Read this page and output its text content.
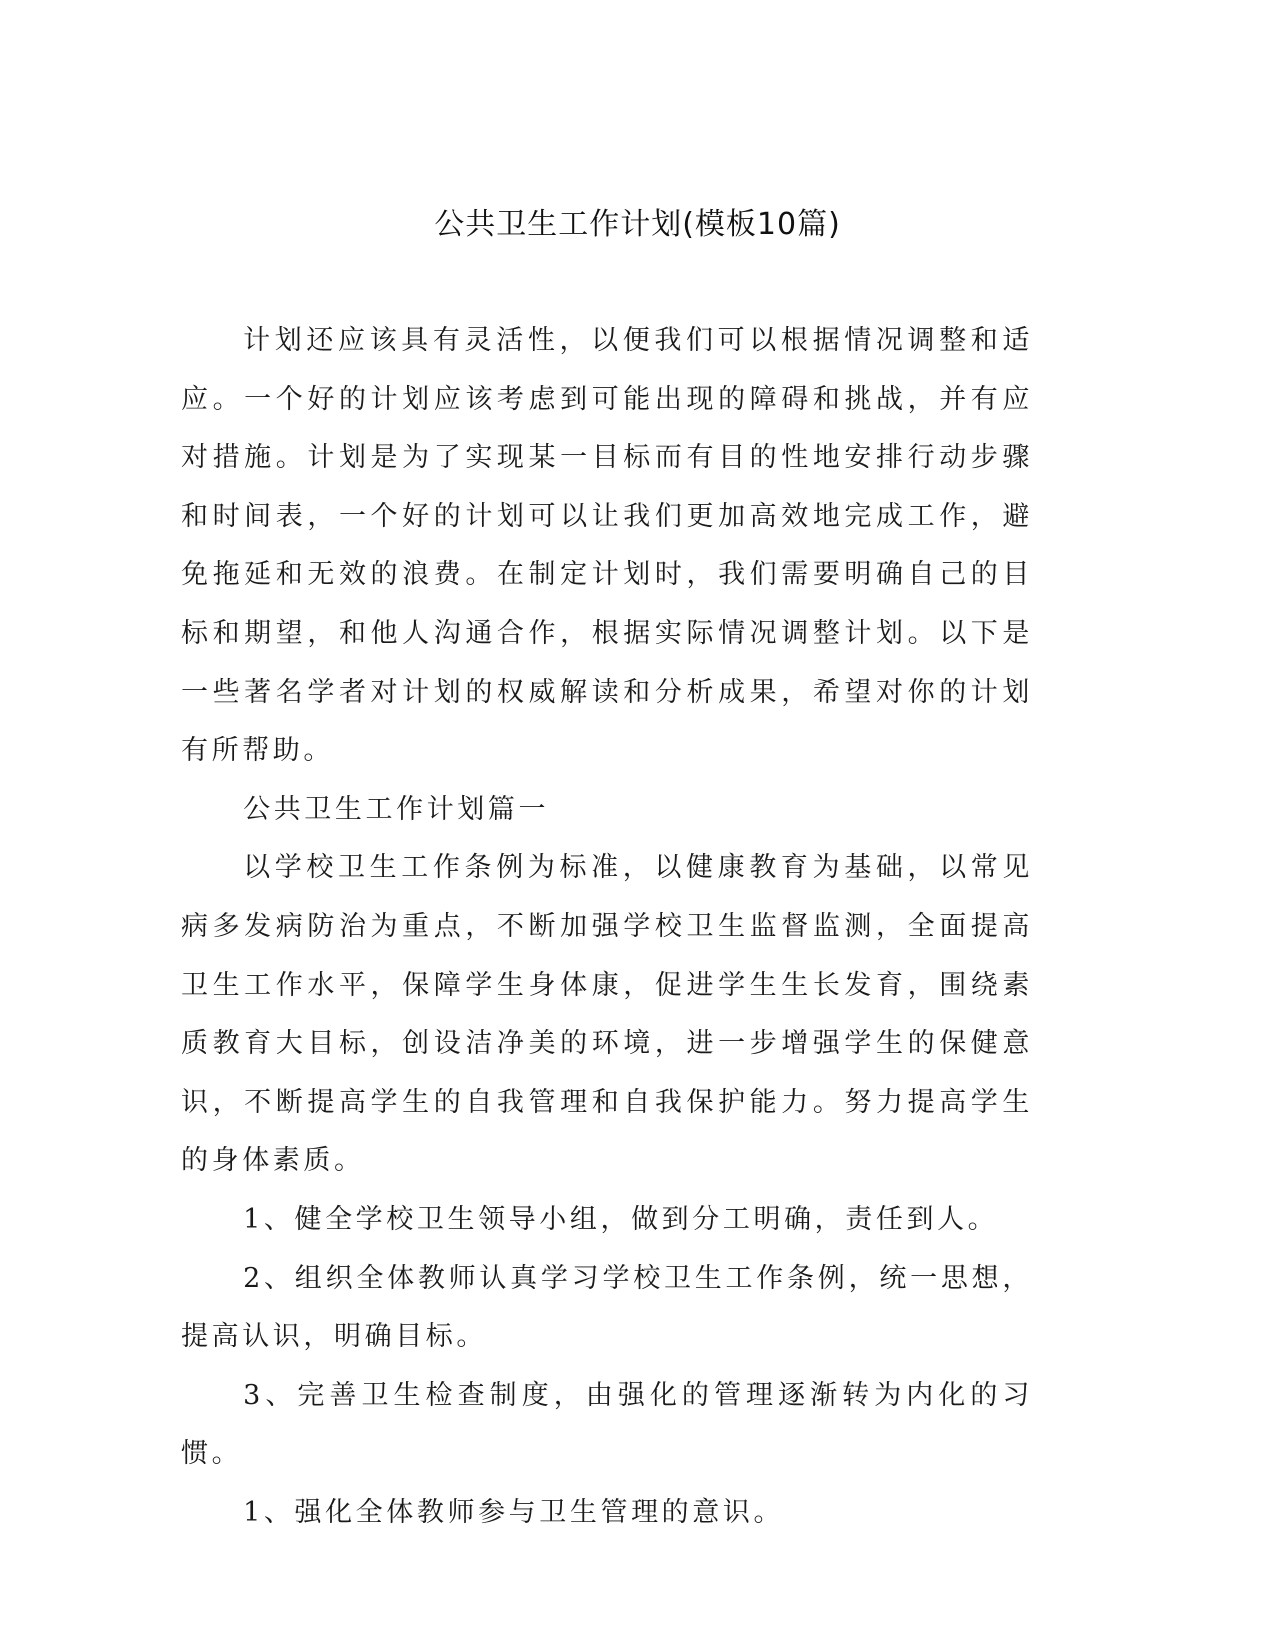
公共卫生工作计划(模板10篇)

计划还应该具有灵活性，以便我们可以根据情况调整和适应。一个好的计划应该考虑到可能出现的障碍和挑战，并有应对措施。计划是为了实现某一目标而有目的性地安排行动步骤和时间表，一个好的计划可以让我们更加高效地完成工作，避免拖延和无效的浪费。在制定计划时，我们需要明确自己的目标和期望，和他人沟通合作，根据实际情况调整计划。以下是一些著名学者对计划的权威解读和分析成果，希望对你的计划有所帮助。

公共卫生工作计划篇一

以学校卫生工作条例为标准，以健康教育为基础，以常见病多发病防治为重点，不断加强学校卫生监督监测，全面提高卫生工作水平，保障学生身体康，促进学生生长发育，围绕素质教育大目标，创设洁净美的环境，进一步增强学生的保健意识，不断提高学生的自我管理和自我保护能力。努力提高学生的身体素质。

1、健全学校卫生领导小组，做到分工明确，责任到人。

2、组织全体教师认真学习学校卫生工作条例，统一思想，提高认识，明确目标。

3、完善卫生检查制度，由强化的管理逐渐转为内化的习惯。

1、强化全体教师参与卫生管理的意识。
